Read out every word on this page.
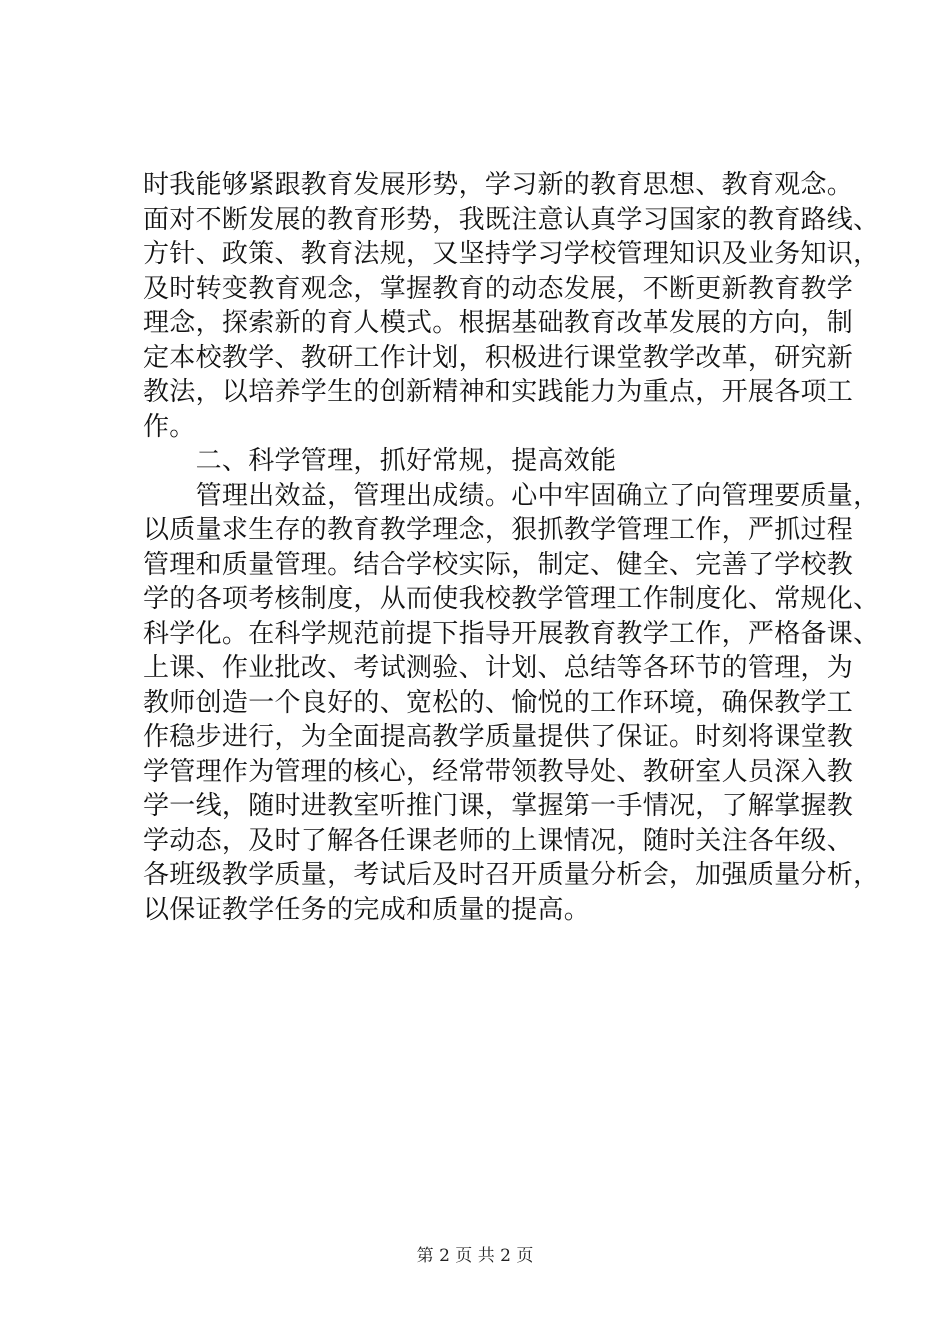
时我能够紧跟教育发展形势，学习新的教育思想、教育观念。
面对不断发展的教育形势，我既注意认真学习国家的教育路线、
方针、政策、教育法规，又坚持学习学校管理知识及业务知识，
及时转变教育观念，掌握教育的动态发展，不断更新教育教学
理念，探索新的育人模式。根据基础教育改革发展的方向，制
定本校教学、教研工作计划，积极进行课堂教学改革，研究新
教法，以培养学生的创新精神和实践能力为重点，开展各项工
作。
　　二、科学管理，抓好常规，提高效能
　　管理出效益，管理出成绩。心中牢固确立了向管理要质量，
以质量求生存的教育教学理念，狠抓教学管理工作，严抓过程
管理和质量管理。结合学校实际，制定、健全、完善了学校教
学的各项考核制度，从而使我校教学管理工作制度化、常规化、
科学化。在科学规范前提下指导开展教育教学工作，严格备课、
上课、作业批改、考试测验、计划、总结等各环节的管理，为
教师创造一个良好的、宽松的、愉悦的工作环境，确保教学工
作稳步进行，为全面提高教学质量提供了保证。时刻将课堂教
学管理作为管理的核心，经常带领教导处、教研室人员深入教
学一线，随时进教室听推门课，掌握第一手情况，了解掌握教
学动态，及时了解各任课老师的上课情况，随时关注各年级、
各班级教学质量，考试后及时召开质量分析会，加强质量分析，
以保证教学任务的完成和质量的提高。
第 2 页 共 2 页
